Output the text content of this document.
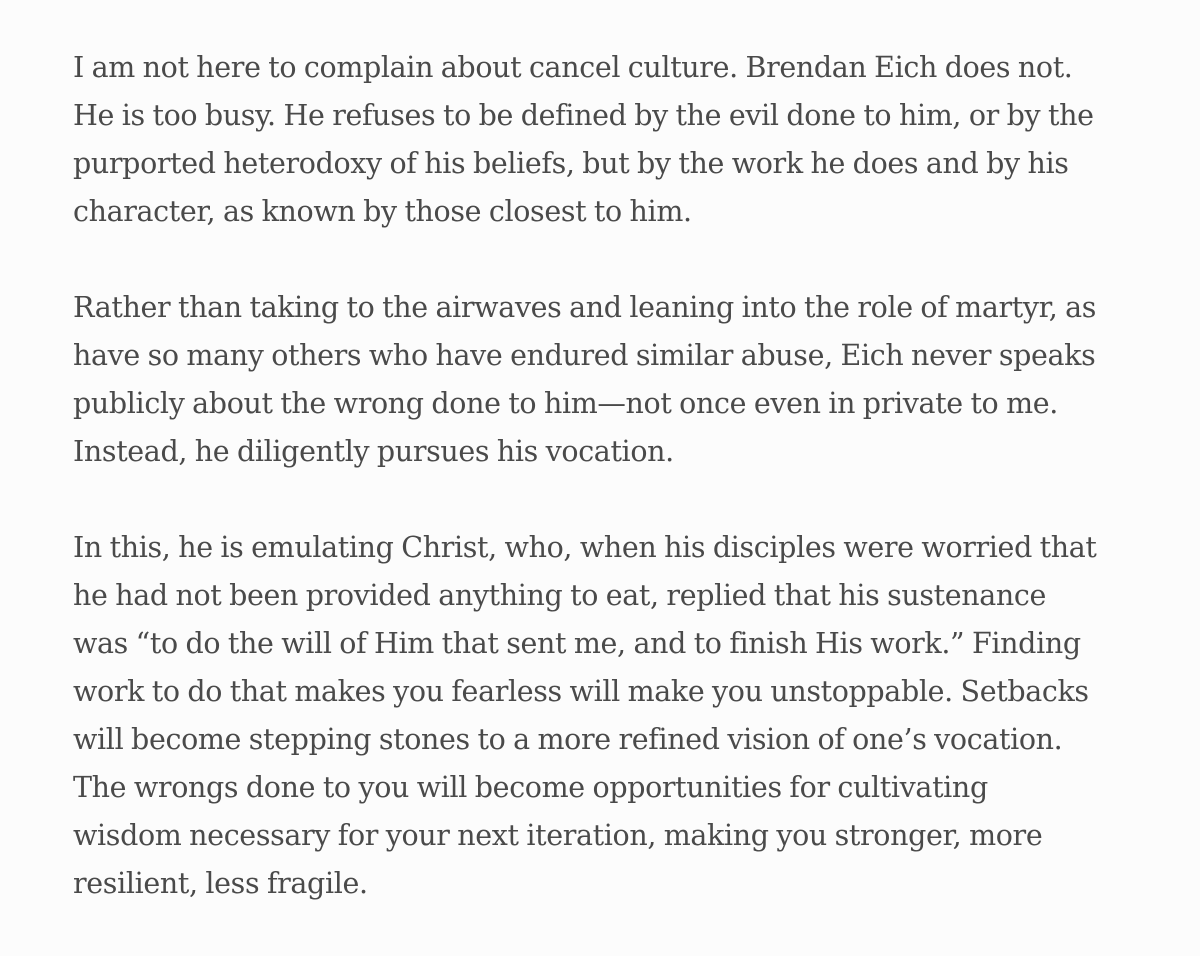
I am not here to complain about cancel culture. Brendan Eich does not.
He is too busy. He refuses to be defined by the evil done to him, or by the
purported heterodoxy of his beliefs, but by the work he does and by his
character, as known by those closest to him.

Rather than taking to the airwaves and leaning into the role of martyr, as
have so many others who have endured similar abuse, Eich never speaks
publicly about the wrong done to him—not once even in private to me.
Instead, he diligently pursues his vocation.

In this, he is emulating Christ, who, when his disciples were worried that
he had not been provided anything to eat, replied that his sustenance
was “to do the will of Him that sent me, and to finish His work.” Finding
work to do that makes you fearless will make you unstoppable. Setbacks
will become stepping stones to a more refined vision of one’s vocation.
The wrongs done to you will become opportunities for cultivating
wisdom necessary for your next iteration, making you stronger, more
resilient, less fragile.
